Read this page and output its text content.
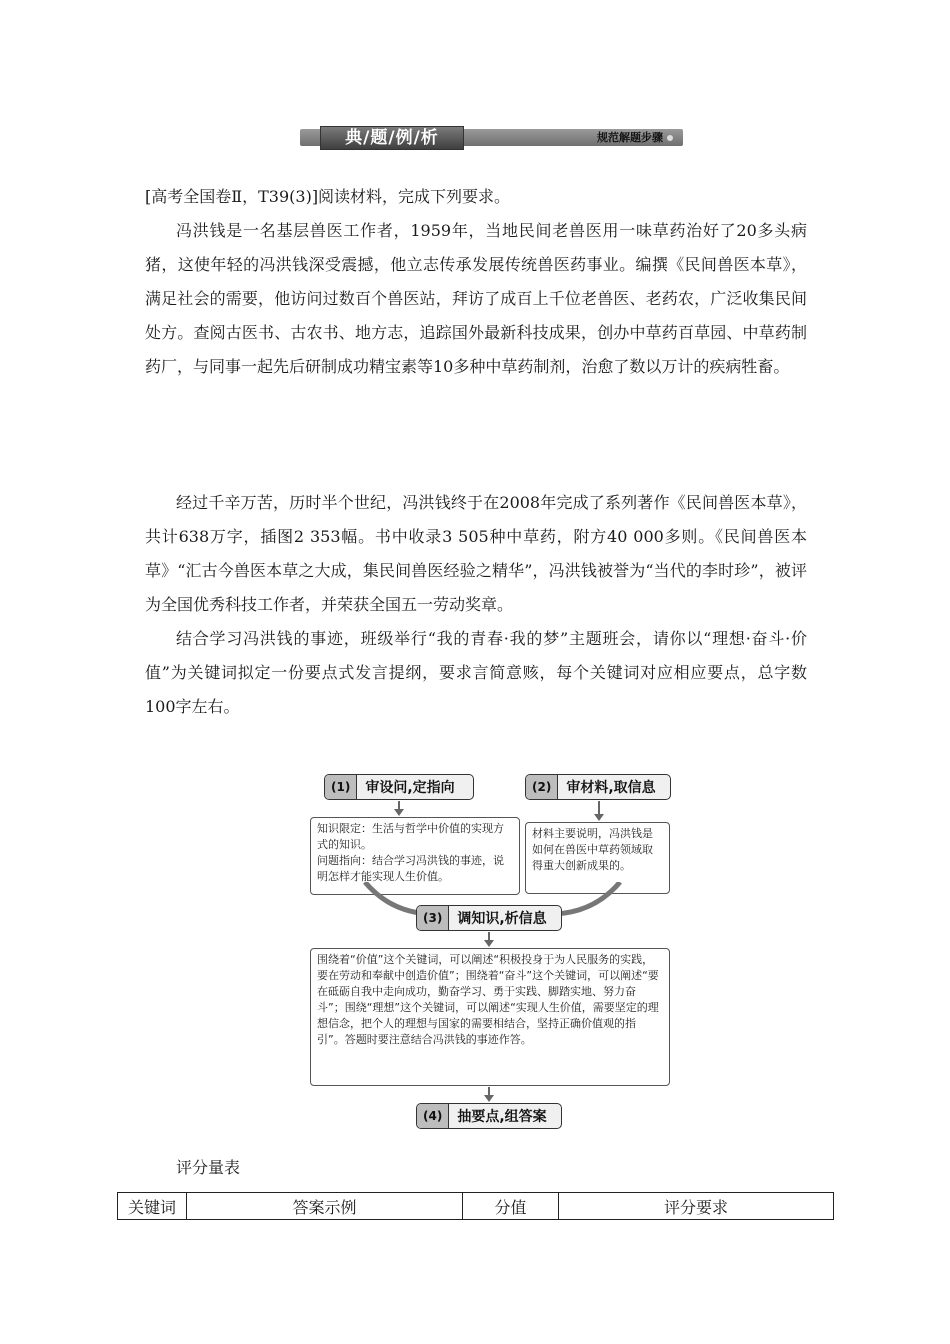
典/题/例/析	规范解题步骤

[高考全国卷Ⅱ，T39(3)]阅读材料，完成下列要求。

冯洪钱是一名基层兽医工作者，1959年，当地民间老兽医用一味草药治好了20多头病猪，这使年轻的冯洪钱深受震撼，他立志传承发展传统兽医药事业。编撰《民间兽医本草》，满足社会的需要，他访问过数百个兽医站，拜访了成百上千位老兽医、老药农，广泛收集民间处方。查阅古医书、古农书、地方志，追踪国外最新科技成果，创办中草药百草园、中草药制药厂，与同事一起先后研制成功精宝素等10多种中草药制剂，治愈了数以万计的疾病牲畜。

经过千辛万苦，历时半个世纪，冯洪钱终于在2008年完成了系列著作《民间兽医本草》，共计638万字，插图2 353幅。书中收录3 505种中草药，附方40 000多则。《民间兽医本草》“汇古今兽医本草之大成，集民间兽医经验之精华”，冯洪钱被誉为“当代的李时珍”，被评为全国优秀科技工作者，并荣获全国五一劳动奖章。

结合学习冯洪钱的事迹，班级举行“我的青春·我的梦”主题班会，请你以“理想·奋斗·价值”为关键词拟定一份要点式发言提纲，要求言简意赅，每个关键词对应相应要点，总字数100字左右。

(1)	审设问,定指向	(2)	审材料,取信息
知识限定：生活与哲学中价值的实现方式的知识。
问题指向：结合学习冯洪钱的事迹，说明怎样才能实现人生价值。
材料主要说明，冯洪钱是如何在兽医中草药领域取得重大创新成果的。
(3)	调知识,析信息
围绕着“价值”这个关键词，可以阐述“积极投身于为人民服务的实践，要在劳动和奉献中创造价值”；围绕着“奋斗”这个关键词，可以阐述“要在砥砺自我中走向成功，勤奋学习、勇于实践、脚踏实地、努力奋斗”；围绕“理想”这个关键词，可以阐述“实现人生价值，需要坚定的理想信念，把个人的理想与国家的需要相结合，坚持正确价值观的指引”。答题时要注意结合冯洪钱的事迹作答。
(4)	抽要点,组答案
评分量表
关键词	答案示例	分值	评分要求
